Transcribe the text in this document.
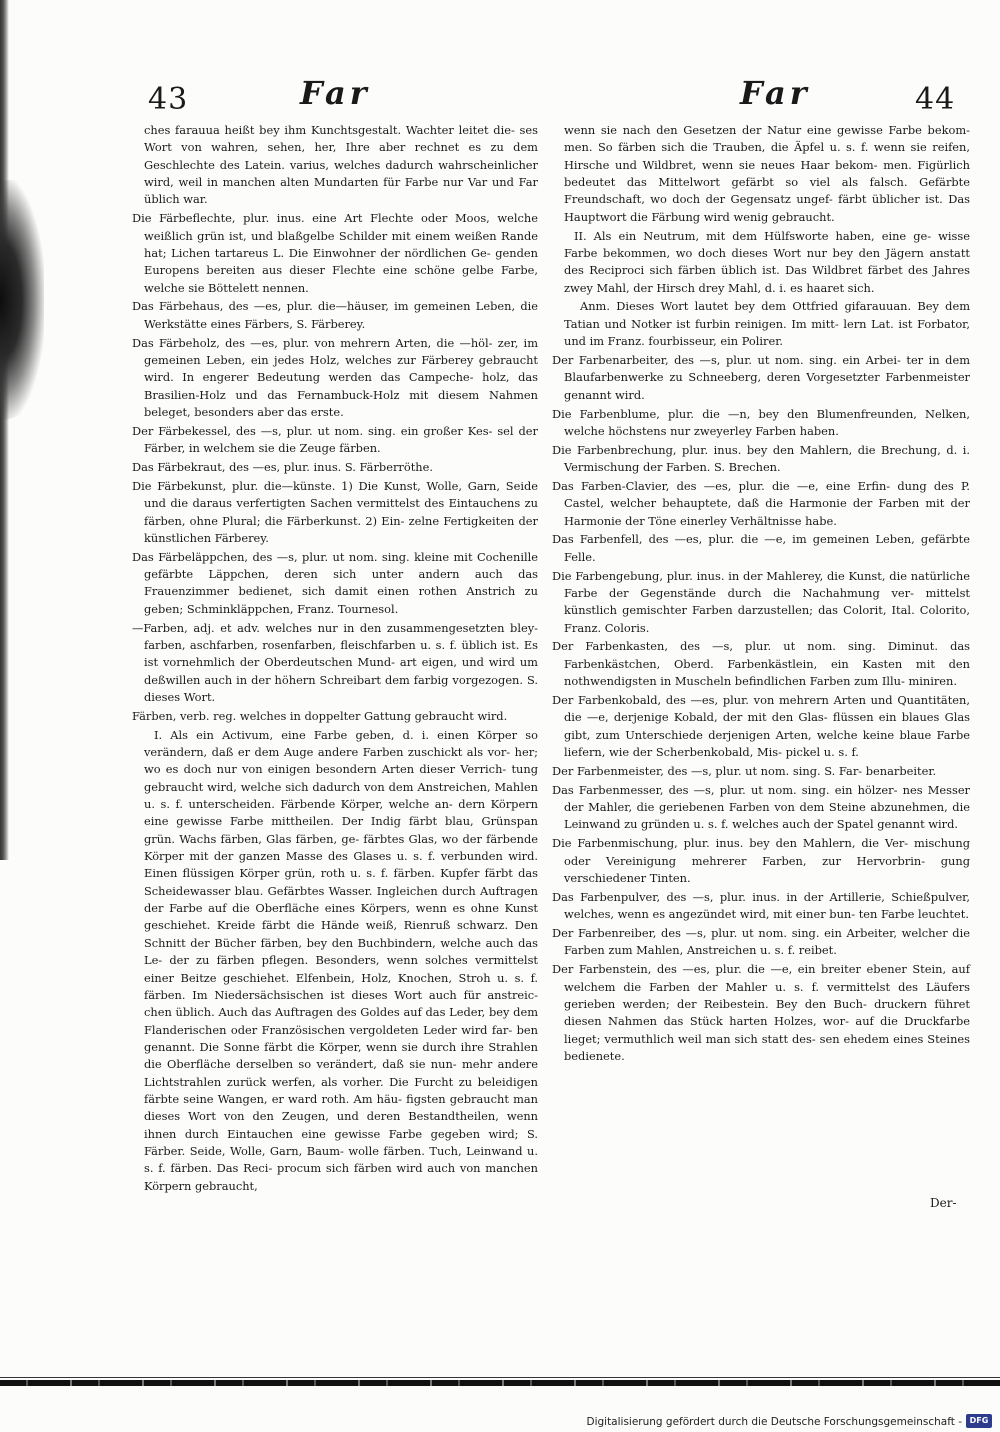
43	Far	Far	44

ches farauua heißt bey ihm Kunchtsgestalt. Wachter leitet die- ses Wort von wahren, sehen, her, Ihre aber rechnet es zu dem Geschlechte des Latein. varius, welches dadurch wahrscheinlicher wird, weil in manchen alten Mundarten für Farbe nur Var und Far üblich war.

Die Färbeflechte, plur. inus. eine Art Flechte oder Moos, welche weißlich grün ist, und blaßgelbe Schilder mit einem weißen Rande hat; Lichen tartareus L. Die Einwohner der nördlichen Ge- genden Europens bereiten aus dieser Flechte eine schöne gelbe Farbe, welche sie Böttelett nennen.

Das Färbehaus, des —es, plur. die—häuser, im gemeinen Leben, die Werkstätte eines Färbers, S. Färberey.

Das Färbeholz, des —es, plur. von mehrern Arten, die —höl- zer, im gemeinen Leben, ein jedes Holz, welches zur Färberey gebraucht wird. In engerer Bedeutung werden das Campeche- holz, das Brasilien-Holz und das Fernambuck-Holz mit diesem Nahmen beleget, besonders aber das erste.

Der Färbekessel, des —s, plur. ut nom. sing. ein großer Kes- sel der Färber, in welchem sie die Zeuge färben.

Das Färbekraut, des —es, plur. inus. S. Färberröthe.

Die Färbekunst, plur. die—künste. 1) Die Kunst, Wolle, Garn, Seide und die daraus verfertigten Sachen vermittelst des Eintauchens zu färben, ohne Plural; die Färberkunst. 2) Ein- zelne Fertigkeiten der künstlichen Färberey.

Das Färbeläppchen, des —s, plur. ut nom. sing. kleine mit Cochenille gefärbte Läppchen, deren sich unter andern auch das Frauenzimmer bedienet, sich damit einen rothen Anstrich zu geben; Schminkläppchen, Franz. Tournesol.

—Farben, adj. et adv. welches nur in den zusammengesetzten bley- farben, aschfarben, rosenfarben, fleischfarben u. s. f. üblich ist. Es ist vornehmlich der Oberdeutschen Mund- art eigen, und wird um deßwillen auch in der höhern Schreibart dem farbig vorgezogen. S. dieses Wort.

Färben, verb. reg. welches in doppelter Gattung gebraucht wird.

I. Als ein Activum, eine Farbe geben, d. i. einen Körper so verändern, daß er dem Auge andere Farben zuschickt als vor- her; wo es doch nur von einigen besondern Arten dieser Verrich- tung gebraucht wird, welche sich dadurch von dem Anstreichen, Mahlen u. s. f. unterscheiden. Färbende Körper, welche an- dern Körpern eine gewisse Farbe mittheilen. Der Indig färbt blau, Grünspan grün. Wachs färben, Glas färben, ge- färbtes Glas, wo der färbende Körper mit der ganzen Masse des Glases u. s. f. verbunden wird. Einen flüssigen Körper grün, roth u. s. f. färben. Kupfer färbt das Scheidewasser blau. Gefärbtes Wasser. Ingleichen durch Auftragen der Farbe auf die Oberfläche eines Körpers, wenn es ohne Kunst geschiehet. Kreide färbt die Hände weiß, Rienruß schwarz. Den Schnitt der Bücher färben, bey den Buchbindern, welche auch das Le- der zu färben pflegen. Besonders, wenn solches vermittelst einer Beitze geschiehet. Elfenbein, Holz, Knochen, Stroh u. s. f. färben. Im Niedersächsischen ist dieses Wort auch für anstreic- chen üblich. Auch das Auftragen des Goldes auf das Leder, bey dem Flanderischen oder Französischen vergoldeten Leder wird far- ben genannt. Die Sonne färbt die Körper, wenn sie durch ihre Strahlen die Oberfläche derselben so verändert, daß sie nun- mehr andere Lichtstrahlen zurück werfen, als vorher. Die Furcht zu beleidigen färbte seine Wangen, er ward roth. Am häu- figsten gebraucht man dieses Wort von den Zeugen, und deren Bestandtheilen, wenn ihnen durch Eintauchen eine gewisse Farbe gegeben wird; S. Färber. Seide, Wolle, Garn, Baum- wolle färben. Tuch, Leinwand u. s. f. färben. Das Reci- procum sich färben wird auch von manchen Körpern gebraucht,

wenn sie nach den Gesetzen der Natur eine gewisse Farbe bekom- men. So färben sich die Trauben, die Äpfel u. s. f. wenn sie reifen, Hirsche und Wildbret, wenn sie neues Haar bekom- men. Figürlich bedeutet das Mittelwort gefärbt so viel als falsch. Gefärbte Freundschaft, wo doch der Gegensatz ungef- färbt üblicher ist. Das Hauptwort die Färbung wird wenig gebraucht.

II. Als ein Neutrum, mit dem Hülfsworte haben, eine ge- wisse Farbe bekommen, wo doch dieses Wort nur bey den Jägern anstatt des Reciproci sich färben üblich ist. Das Wildbret färbet des Jahres zwey Mahl, der Hirsch drey Mahl, d. i. es haaret sich.

Anm. Dieses Wort lautet bey dem Ottfried gifarauuan. Bey dem Tatian und Notker ist furbin reinigen. Im mitt- lern Lat. ist Forbator, und im Franz. fourbisseur, ein Polirer.

Der Farbenarbeiter, des —s, plur. ut nom. sing. ein Arbei- ter in dem Blaufarbenwerke zu Schneeberg, deren Vorgesetzter Farbenmeister genannt wird.

Die Farbenblume, plur. die —n, bey den Blumenfreunden, Nelken, welche höchstens nur zweyerley Farben haben.

Die Farbenbrechung, plur. inus. bey den Mahlern, die Brechung, d. i. Vermischung der Farben. S. Brechen.

Das Farben-Clavier, des —es, plur. die —e, eine Erfin- dung des P. Castel, welcher behauptete, daß die Harmonie der Farben mit der Harmonie der Töne einerley Verhältnisse habe.

Das Farbenfell, des —es, plur. die —e, im gemeinen Leben, gefärbte Felle.

Die Farbengebung, plur. inus. in der Mahlerey, die Kunst, die natürliche Farbe der Gegenstände durch die Nachahmung ver- mittelst künstlich gemischter Farben darzustellen; das Colorit, Ital. Colorito, Franz. Coloris.

Der Farbenkasten, des —s, plur. ut nom. sing. Diminut. das Farbenkästchen, Oberd. Farbenkästlein, ein Kasten mit den nothwendigsten in Muscheln befindlichen Farben zum Illu- miniren.

Der Farbenkobald, des —es, plur. von mehrern Arten und Quantitäten, die —e, derjenige Kobald, der mit den Glas- flüssen ein blaues Glas gibt, zum Unterschiede derjenigen Arten, welche keine blaue Farbe liefern, wie der Scherbenkobald, Mis- pickel u. s. f.

Der Farbenmeister, des —s, plur. ut nom. sing. S. Far- benarbeiter.

Das Farbenmesser, des —s, plur. ut nom. sing. ein hölzer- nes Messer der Mahler, die geriebenen Farben von dem Steine abzunehmen, die Leinwand zu gründen u. s. f. welches auch der Spatel genannt wird.

Die Farbenmischung, plur. inus. bey den Mahlern, die Ver- mischung oder Vereinigung mehrerer Farben, zur Hervorbrin- gung verschiedener Tinten.

Das Farbenpulver, des —s, plur. inus. in der Artillerie, Schießpulver, welches, wenn es angezündet wird, mit einer bun- ten Farbe leuchtet.

Der Farbenreiber, des —s, plur. ut nom. sing. ein Arbeiter, welcher die Farben zum Mahlen, Anstreichen u. s. f. reibet.

Der Farbenstein, des —es, plur. die —e, ein breiter ebener Stein, auf welchem die Farben der Mahler u. s. f. vermittelst des Läufers gerieben werden; der Reibestein. Bey den Buch- druckern führet diesen Nahmen das Stück harten Holzes, wor- auf die Druckfarbe lieget; vermuthlich weil man sich statt des- sen ehedem eines Steines bedienete.

Der-
Digitalisierung gefördert durch die Deutsche Forschungsgemeinschaft - DFG
